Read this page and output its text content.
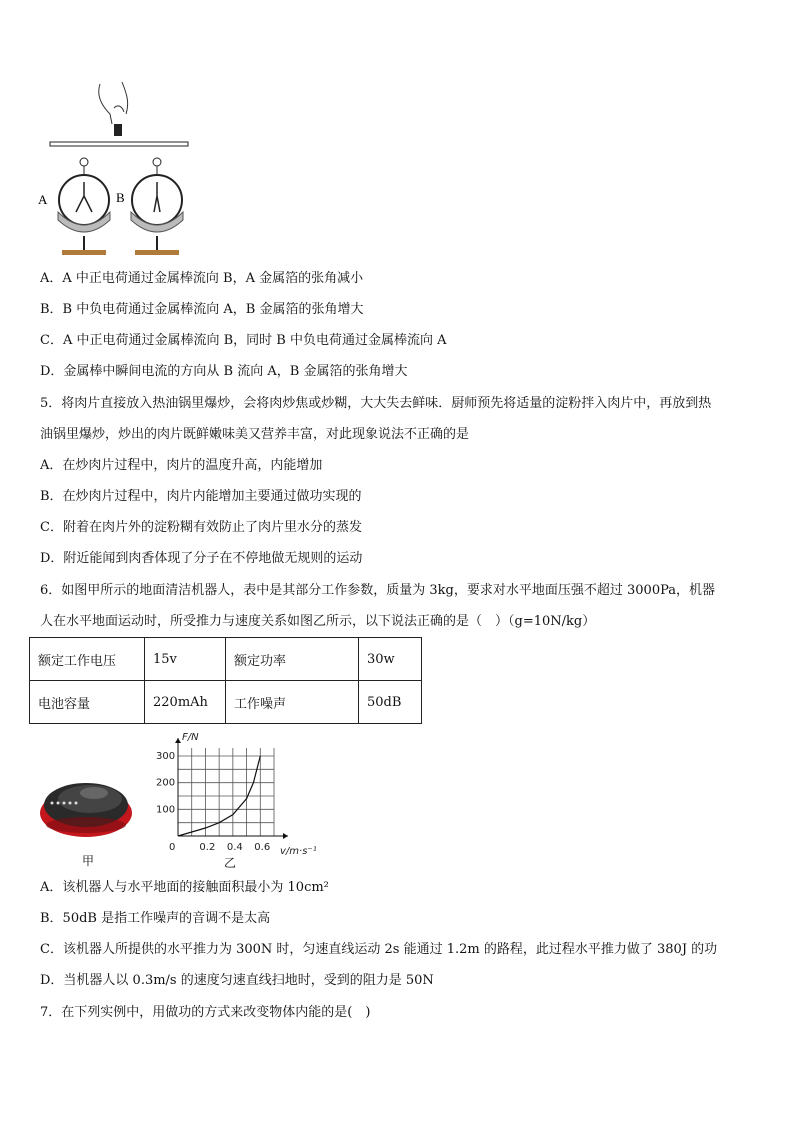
A	B
A．A 中正电荷通过金属棒流向 B，A 金属箔的张角减小
B．B 中负电荷通过金属棒流向 A，B 金属箔的张角增大
C．A 中正电荷通过金属棒流向 B，同时 B 中负电荷通过金属棒流向 A
D．金属棒中瞬间电流的方向从 B 流向 A，B 金属箔的张角增大
5．将肉片直接放入热油锅里爆炒，会将肉炒焦或炒糊，大大失去鲜味．厨师预先将适量的淀粉拌入肉片中，再放到热
油锅里爆炒，炒出的肉片既鲜嫩味美又营养丰富，对此现象说法不正确的是
A．在炒肉片过程中，肉片的温度升高，内能增加
B．在炒肉片过程中，肉片内能增加主要通过做功实现的
C．附着在肉片外的淀粉糊有效防止了肉片里水分的蒸发
D．附近能闻到肉香体现了分子在不停地做无规则的运动
6．如图甲所示的地面清洁机器人，表中是其部分工作参数，质量为 3kg，要求对水平地面压强不超过 3000Pa，机器
人在水平地面运动时，所受推力与速度关系如图乙所示，以下说法正确的是（　）（g=10N/kg）
额定工作电压	15v	额定功率	30w
电池容量	220mAh	工作噪声	50dB
甲
0 0.2 0.4 0.6
100
200
300
F/N
v/m·s⁻¹
乙
A．该机器人与水平地面的接触面积最小为 10cm²
B．50dB 是指工作噪声的音调不是太高
C．该机器人所提供的水平推力为 300N 时，匀速直线运动 2s 能通过 1.2m 的路程，此过程水平推力做了 380J 的功
D．当机器人以 0.3m/s 的速度匀速直线扫地时，受到的阻力是 50N
7．在下列实例中，用做功的方式来改变物体内能的是(　)
